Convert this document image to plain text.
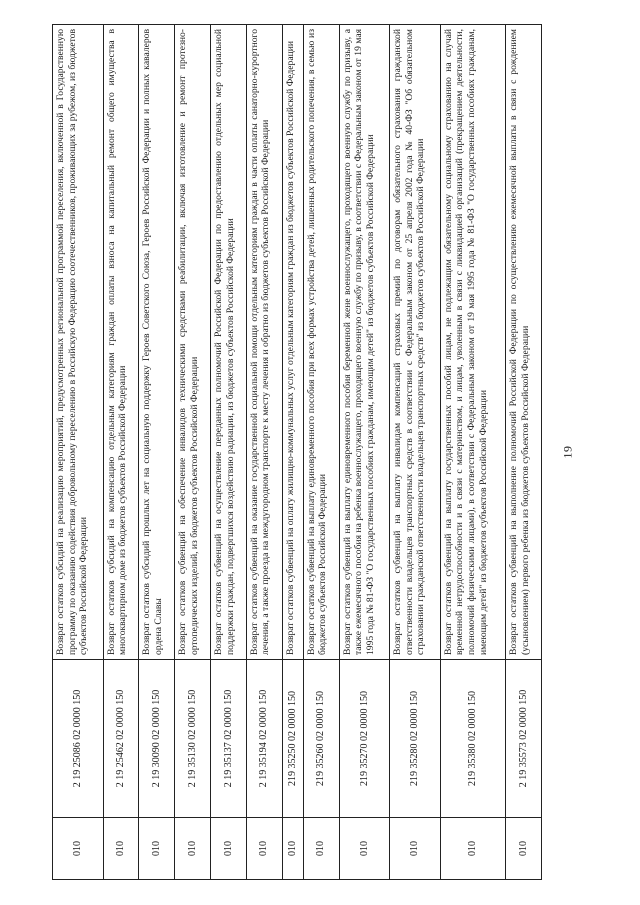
19
010	2 19 25086 02 0000 150	Возврат остатков субсидий на реализацию мероприятий, предусмотренных региональной программой переселения, включенной в Государственную программу по оказанию содействия добровольному переселению в Российскую Федерацию соотечественников, проживающих за рубежом, из бюджетов субъектов Российской Федерации
010	2 19 25462 02 0000 150	Возврат остатков субсидий на компенсацию отдельным категориям граждан оплаты взноса на капитальный ремонт общего имущества в многоквартирном доме из бюджетов субъектов Российской Федерации
010	2 19 30090 02 0000 150	Возврат остатков субсидий прошлых лет на социальную поддержку Героев Советского Союза, Героев Российской Федерации и полных кавалеров ордена Славы
010	2 19 35130 02 0000 150	Возврат остатков субвенций на обеспечение инвалидов техническими средствами реабилитации, включая изготовление и ремонт протезно-ортопедических изделий, из бюджетов субъектов Российской Федерации
010	2 19 35137 02 0000 150	Возврат остатков субвенций на осуществление переданных полномочий Российской Федерации по предоставлению отдельных мер социальной поддержки граждан, подвергшихся воздействию радиации, из бюджетов субъектов Российской Федерации
010	2 19 35194 02 0000 150	Возврат остатков субвенций на оказание государственной социальной помощи отдельным категориям граждан в части оплаты санаторно-курортного лечения, а также проезда на междугородном транспорте к месту лечения и обратно из бюджетов субъектов Российской Федерации
010	219 35250 02 0000 150	Возврат остатков субвенций на оплату жилищно-коммунальных услуг отдельным категориям граждан из бюджетов субъектов Российской Федерации
010	219 35260 02 0000 150	Возврат остатков субвенций на выплату единовременного пособия при всех формах устройства детей, лишенных родительского попечения, в семью из бюджетов субъектов Российской Федерации
010	219 35270 02 0000 150	Возврат остатков субвенций на выплату единовременного пособия беременной жене военнослужащего, проходящего военную службу по призыву, а также ежемесячного пособия на ребенка военнослужащего, проходящего военную службу по призыву, в соответствии с Федеральным законом от 19 мая 1995 года № 81-ФЗ "О государственных пособиях гражданам, имеющим детей" из бюджетов субъектов Российской Федерации
010	219 35280 02 0000 150	Возврат остатков субвенций на выплату инвалидам компенсаций страховых премий по договорам обязательного страхования гражданской ответственности владельцев транспортных средств в соответствии с Федеральным законом от 25 апреля 2002 года № 40-ФЗ "Об обязательном страховании гражданской ответственности владельцев транспортных средств" из бюджетов субъектов Российской Федерации
010	219 35380 02 0000 150	Возврат остатков субвенций на выплату государственных пособий лицам, не подлежащим обязательному социальному страхованию на случай временной нетрудоспособности и в связи с материнством, и лицам, уволенным в связи с ликвидацией организаций (прекращением деятельности, полномочий физическими лицами), в соответствии с Федеральным законом от 19 мая 1995 года № 81-ФЗ "О государственных пособиях гражданам, имеющим детей" из бюджетов субъектов Российской Федерации
010	2 19 35573 02 0000 150	Возврат остатков субвенций на выполнение полномочий Российской Федерации по осуществлению ежемесячной выплаты в связи с рождением (усыновлением) первого ребенка из бюджетов субъектов Российской Федерации
